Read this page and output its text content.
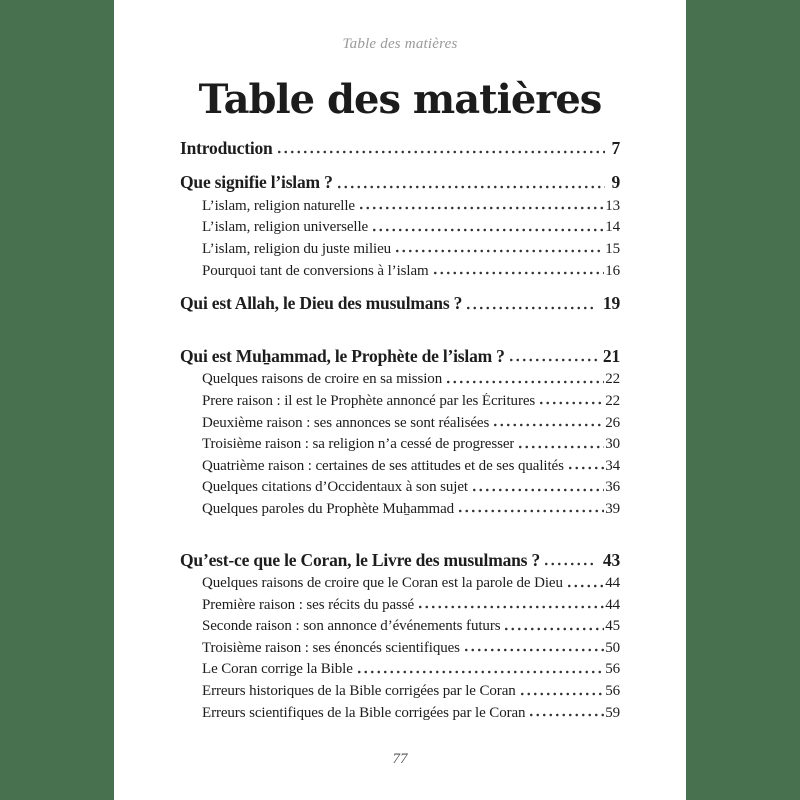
Table des matières
Table des matières
Introduction	7
Que signifie l’islam ?	9
L’islam, religion naturelle	13
L’islam, religion universelle	14
L’islam, religion du juste milieu	15
Pourquoi tant de conversions à l’islam	16
Qui est Allah, le Dieu des musulmans ?	19
Qui est Muẖammad, le Prophète de l’islam ?	21
Quelques raisons de croire en sa mission	22
Prere raison : il est le Prophète annoncé par les Écritures	22
Deuxième raison : ses annonces se sont réalisées	26
Troisième raison : sa religion n’a cessé de progresser	30
Quatrième raison : certaines de ses attitudes et de ses qualités	34
Quelques citations d’Occidentaux à son sujet	36
Quelques paroles du Prophète Muẖammad	39
Qu’est-ce que le Coran, le Livre des musulmans ?	43
Quelques raisons de croire que le Coran est la parole de Dieu	44
Première raison : ses récits du passé	44
Seconde raison : son annonce d’événements futurs	45
Troisième raison : ses énoncés scientifiques	50
Le Coran corrige la Bible	56
Erreurs historiques de la Bible corrigées par le Coran	56
Erreurs scientifiques de la Bible corrigées par le Coran	59
77
